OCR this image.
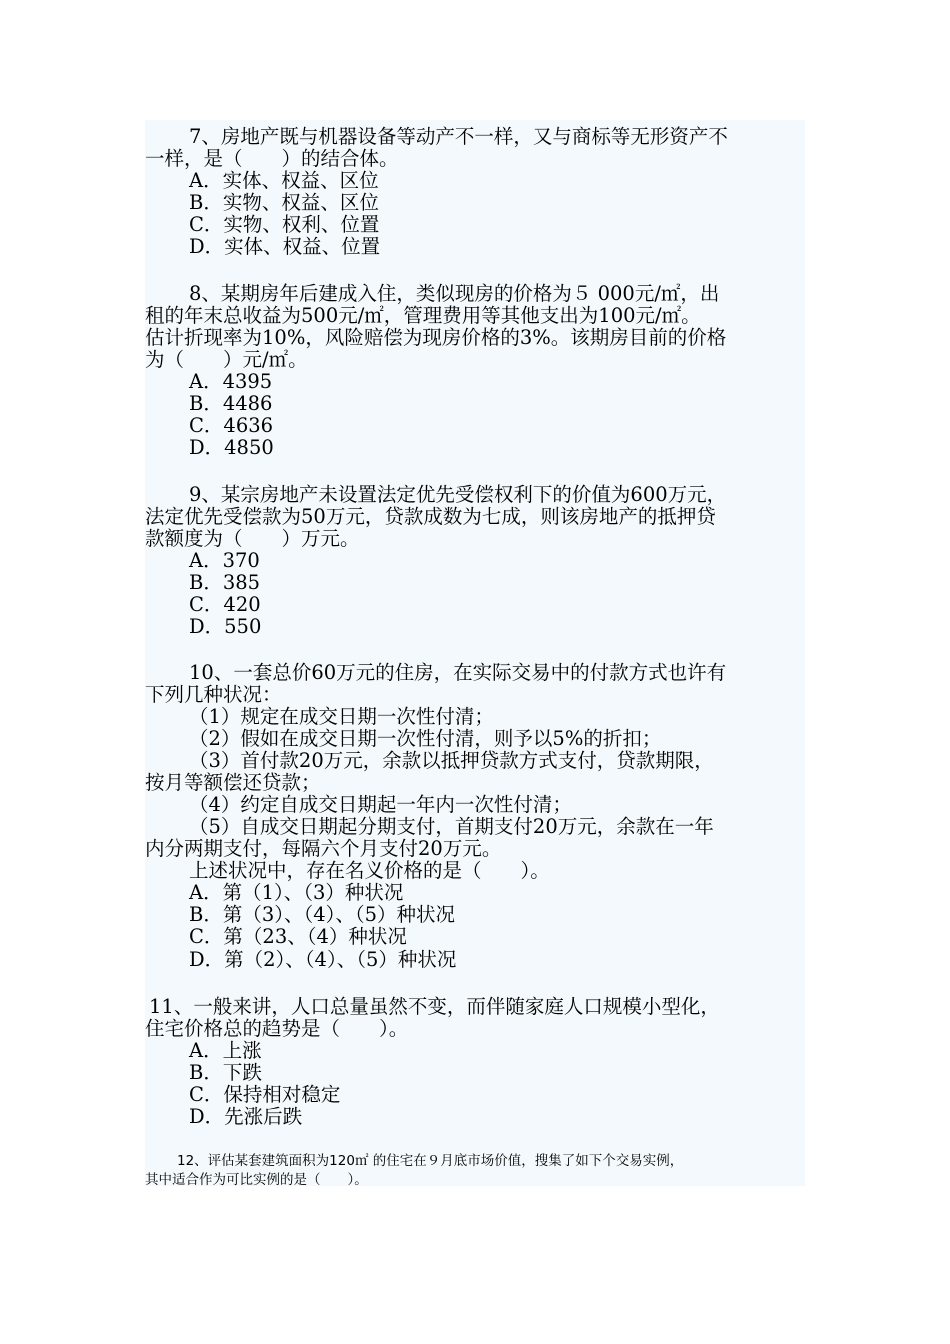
7、房地产既与机器设备等动产不一样，又与商标等无形资产不
一样，是（　　）的结合体。
A．实体、权益、区位
B．实物、权益、区位
C．实物、权利、位置
D．实体、权益、位置
8、某期房年后建成入住，类似现房的价格为５ 000元/㎡，出
租的年末总收益为500元/㎡，管理费用等其他支出为100元/㎡。
估计折现率为10%，风险赔偿为现房价格的3%。该期房目前的价格
为（　　）元/㎡。
A．4395
B．4486
C．4636
D．4850
9、某宗房地产未设置法定优先受偿权利下的价值为600万元，
法定优先受偿款为50万元，贷款成数为七成，则该房地产的抵押贷
款额度为（　　）万元。
A．370
B．385
C．420
D．550
10、一套总价60万元的住房，在实际交易中的付款方式也许有
下列几种状况：
（1）规定在成交日期一次性付清；
（2）假如在成交日期一次性付清，则予以5%的折扣；
（3）首付款20万元，余款以抵押贷款方式支付，贷款期限，
按月等额偿还贷款；
（4）约定自成交日期起一年内一次性付清；
（5）自成交日期起分期支付，首期支付20万元，余款在一年
内分两期支付，每隔六个月支付20万元。
上述状况中，存在名义价格的是（　　）。
A．第（1）、（3）种状况
B．第（3）、（4）、（5）种状况
C．第（23、（4）种状况
D．第（2）、（4）、（5）种状况
11、一般来讲，人口总量虽然不变，而伴随家庭人口规模小型化，
住宅价格总的趋势是（　　）。
A．上涨
B．下跌
C．保持相对稳定
D．先涨后跌
12、评估某套建筑面积为120㎡ 的住宅在９月底市场价值，搜集了如下个交易实例，
其中适合作为可比实例的是（　　）。
